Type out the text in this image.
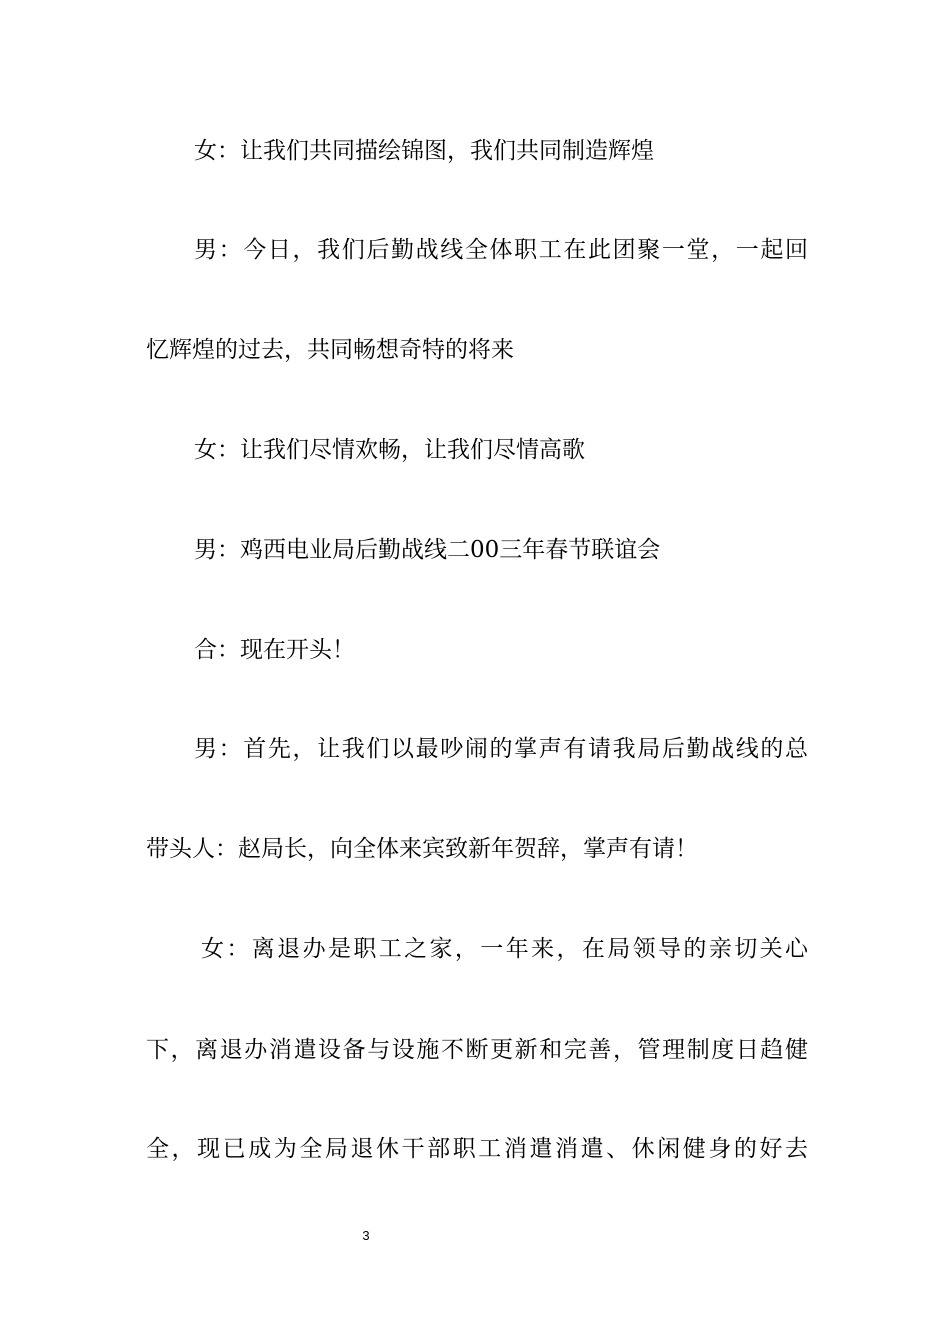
女：让我们共同描绘锦图，我们共同制造辉煌
男：今日，我们后勤战线全体职工在此团聚一堂，一起回
忆辉煌的过去，共同畅想奇特的将来
女：让我们尽情欢畅，让我们尽情高歌
男：鸡西电业局后勤战线二00三年春节联谊会
合：现在开头！
男：首先，让我们以最吵闹的掌声有请我局后勤战线的总
带头人：赵局长，向全体来宾致新年贺辞，掌声有请！
女：离退办是职工之家，一年来，在局领导的亲切关心
下，离退办消遣设备与设施不断更新和完善，管理制度日趋健
全，现已成为全局退休干部职工消遣消遣、休闲健身的好去
3
